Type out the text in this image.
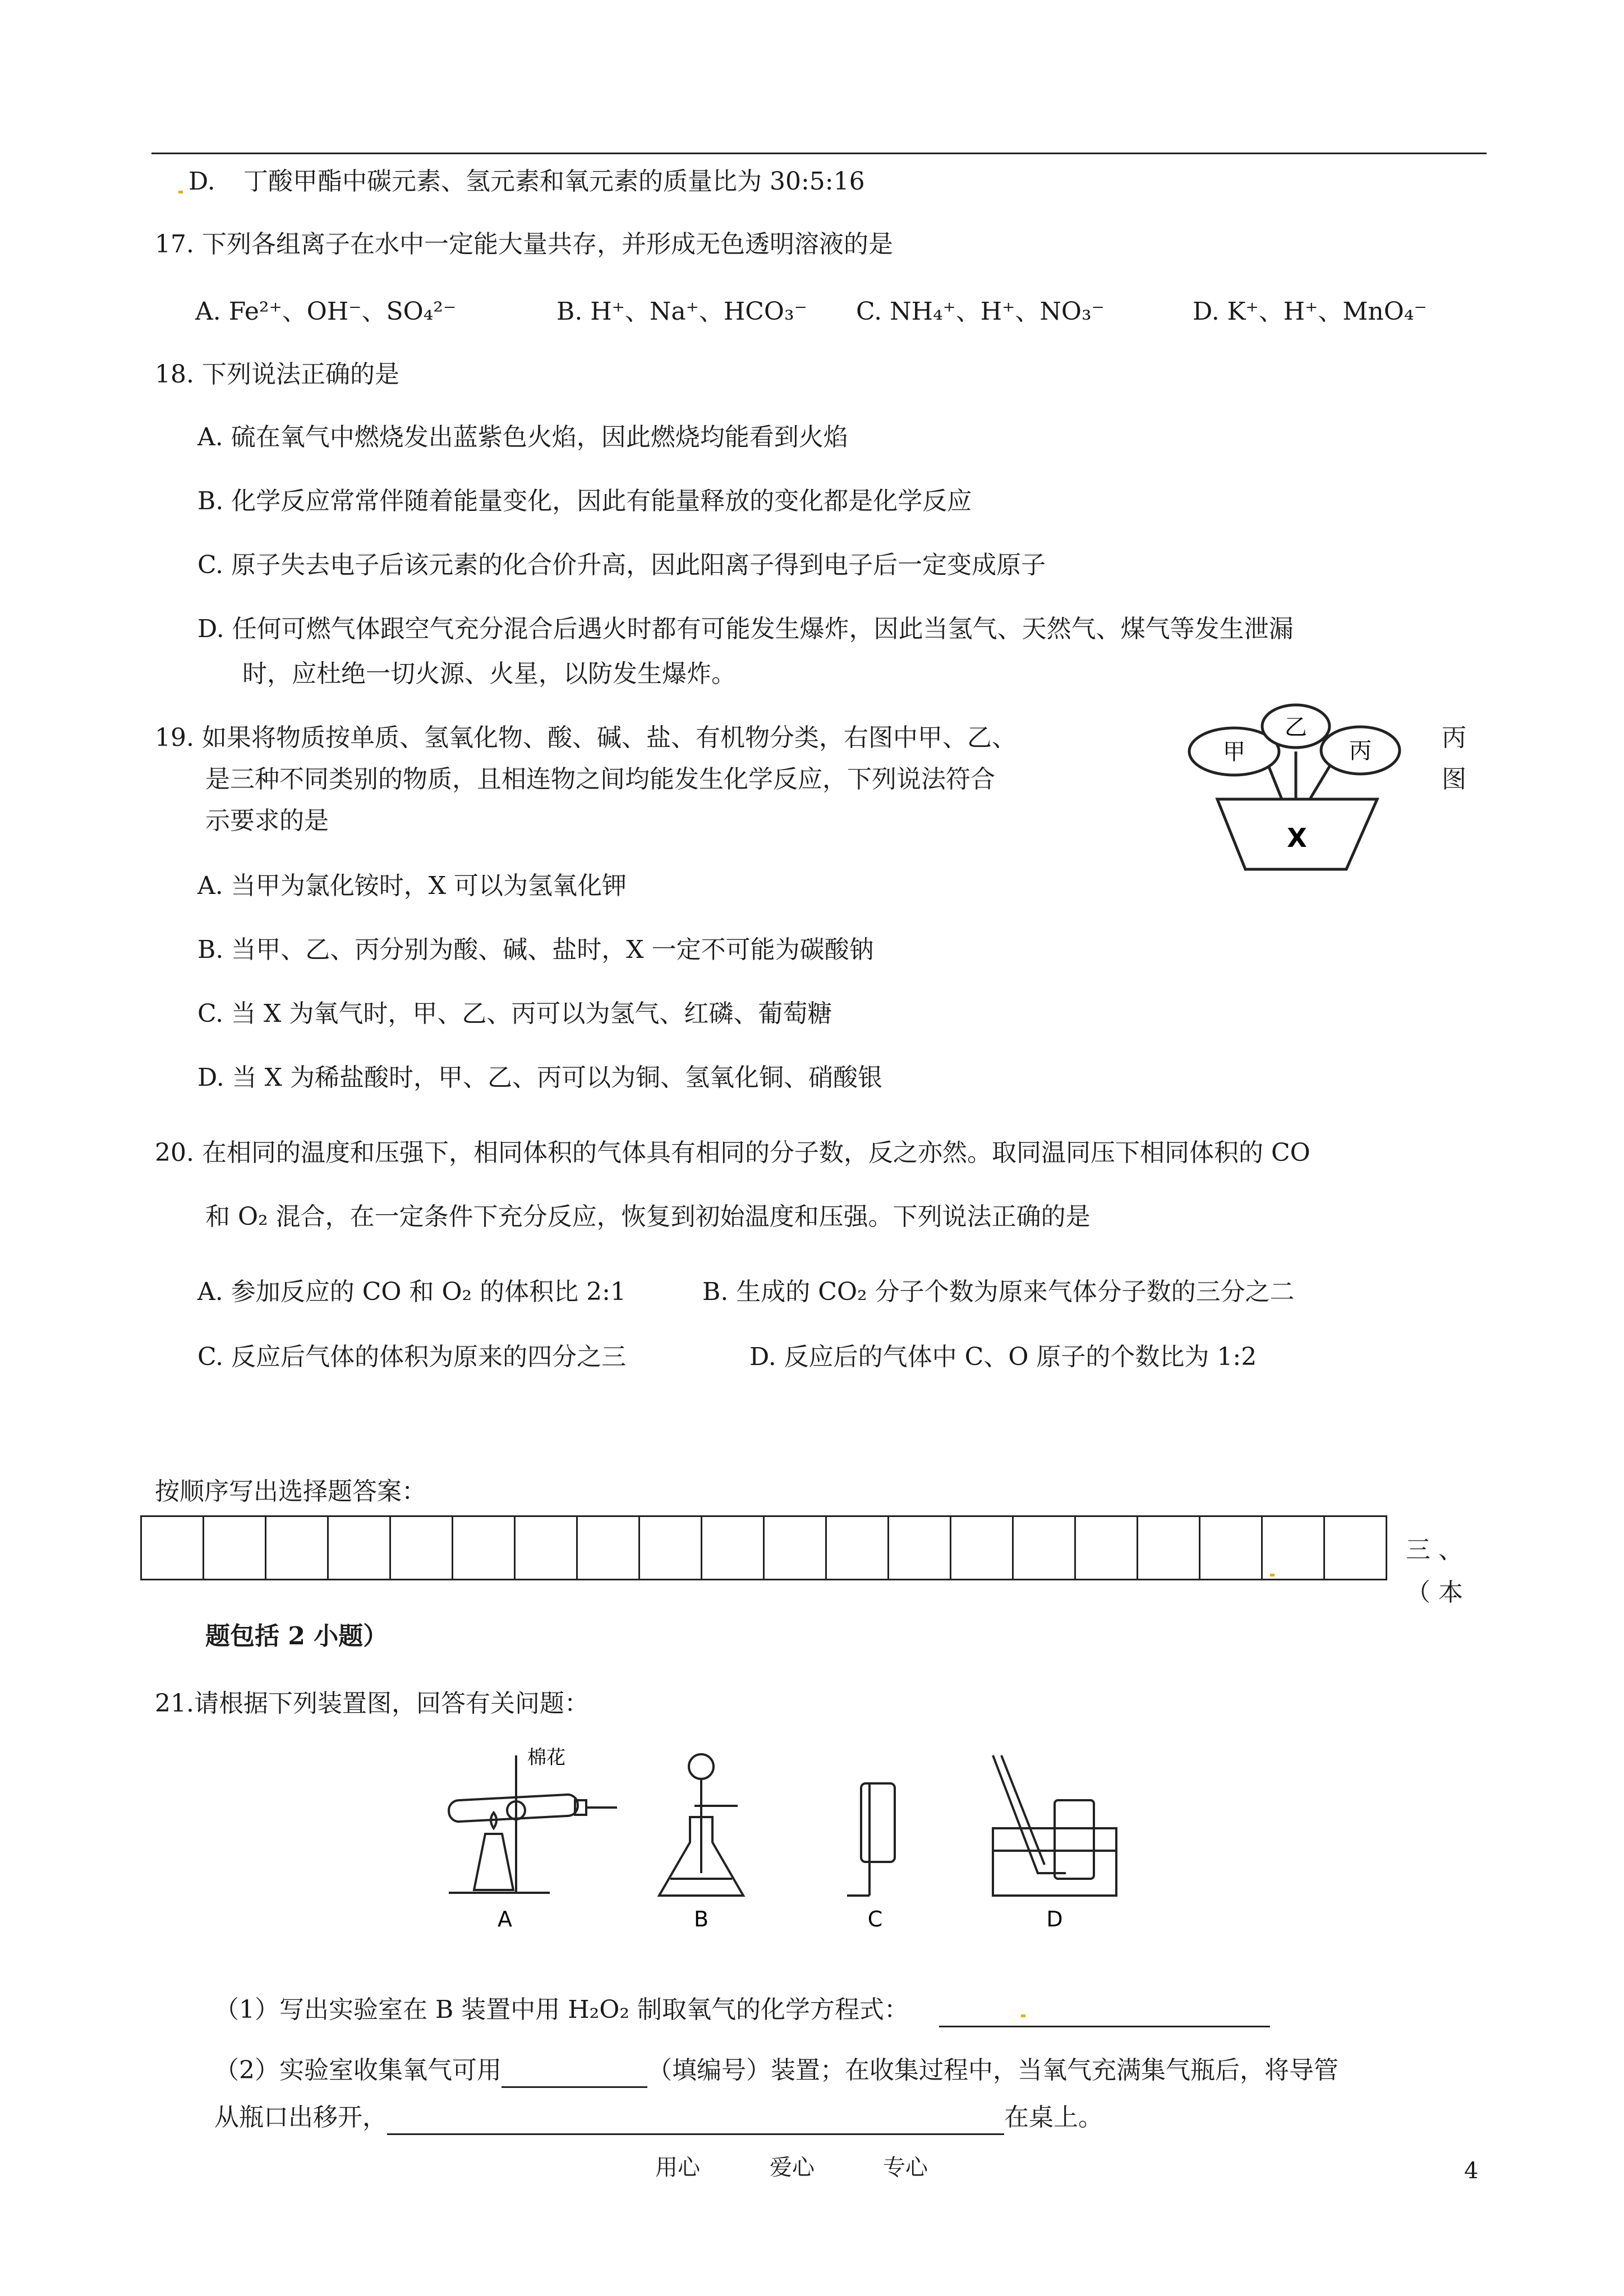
D. 丁酸甲酯中碳元素、氢元素和氧元素的质量比为 30:5:16
17. 下列各组离子在水中一定能大量共存，并形成无色透明溶液的是
A. Fe²⁺、OH⁻、SO₄²⁻	B. H⁺、Na⁺、HCO₃⁻ C. NH₄⁺、H⁺、NO₃⁻	D. K⁺、H⁺、MnO₄⁻
18. 下列说法正确的是
A. 硫在氧气中燃烧发出蓝紫色火焰，因此燃烧均能看到火焰
B. 化学反应常常伴随着能量变化，因此有能量释放的变化都是化学反应
C. 原子失去电子后该元素的化合价升高，因此阳离子得到电子后一定变成原子
D. 任何可燃气体跟空气充分混合后遇火时都有可能发生爆炸，因此当氢气、天然气、煤气等发生泄漏
时，应杜绝一切火源、火星，以防发生爆炸。
19. 如果将物质按单质、氢氧化物、酸、碱、盐、有机物分类，右图中甲、乙、	丙
是三种不同类别的物质，且相连物之间均能发生化学反应，下列说法符合	图
示要求的是
甲
乙
丙
X
A. 当甲为氯化铵时，X 可以为氢氧化钾
B. 当甲、乙、丙分别为酸、碱、盐时，X 一定不可能为碳酸钠
C. 当 X 为氧气时，甲、乙、丙可以为氢气、红磷、葡萄糖
D. 当 X 为稀盐酸时，甲、乙、丙可以为铜、氢氧化铜、硝酸银
20. 在相同的温度和压强下，相同体积的气体具有相同的分子数，反之亦然。取同温同压下相同体积的 CO
和 O₂ 混合，在一定条件下充分反应，恢复到初始温度和压强。下列说法正确的是
A. 参加反应的 CO 和 O₂ 的体积比 2:1	B. 生成的 CO₂ 分子个数为原来气体分子数的三分之二
C. 反应后气体的体积为原来的四分之三	D. 反应后的气体中 C、O 原子的个数比为 1:2
按顺序写出选择题答案：

三 、
（ 本
题包括 2 小题）
21.请根据下列装置图，回答有关问题：
棉花
A	B	C	D
（1）写出实验室在 B 装置中用 H₂O₂ 制取氧气的化学方程式：
（2）实验室收集氧气可用	（填编号）装置；在收集过程中，当氧气充满集气瓶后，将导管
从瓶口出移开，	在桌上。
用心	爱心	专心	4
